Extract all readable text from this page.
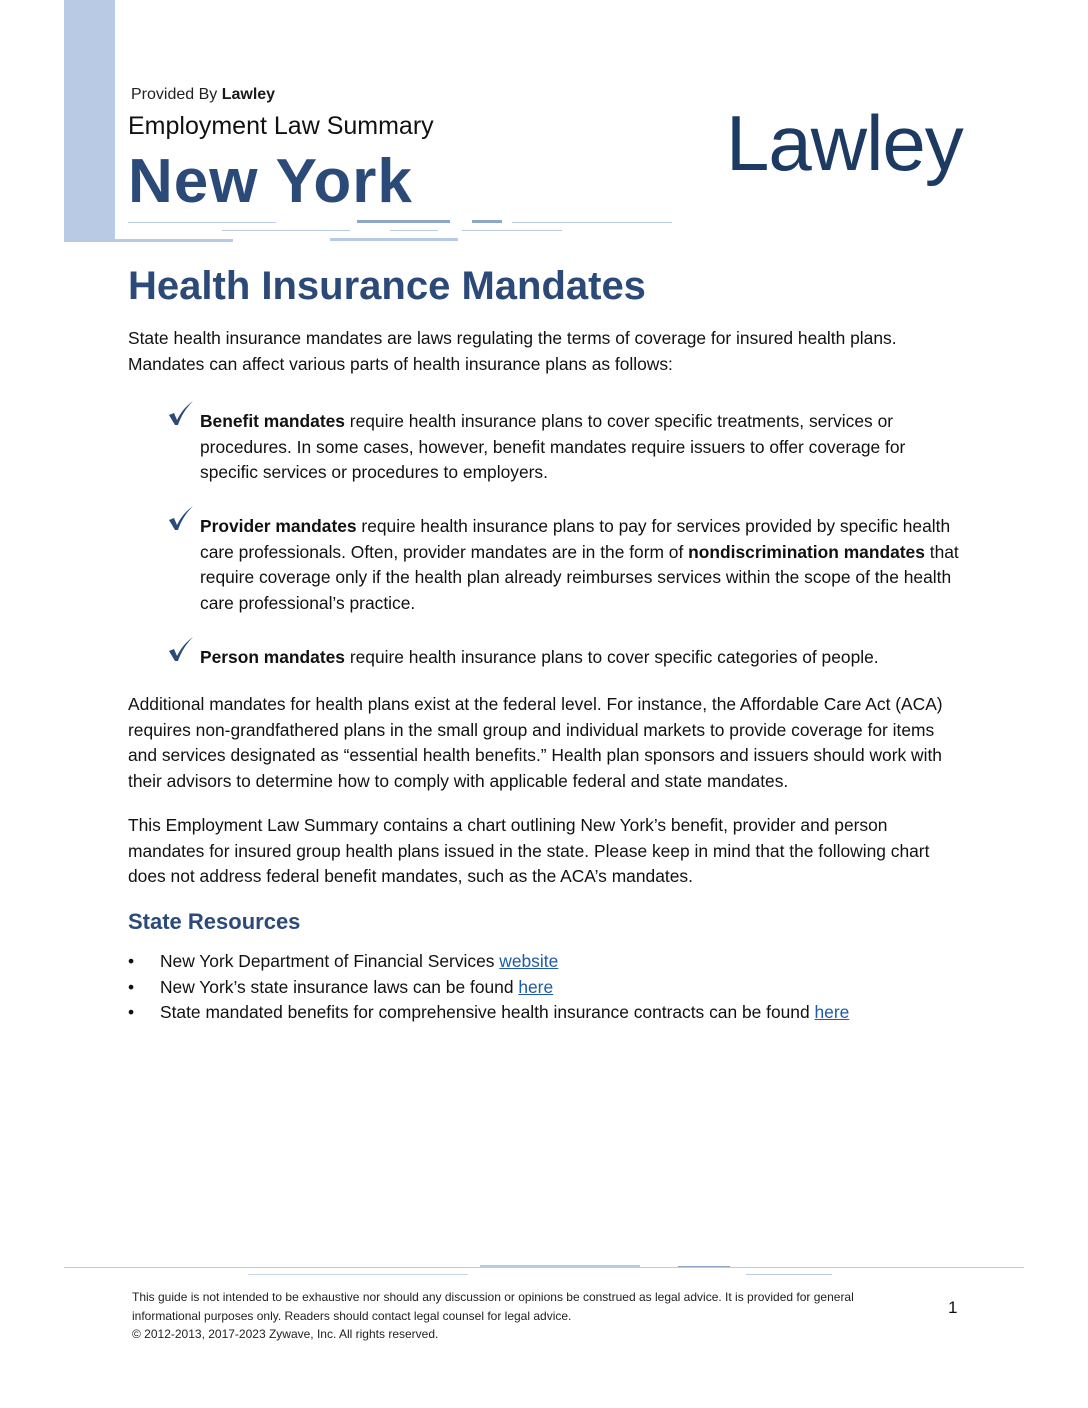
Provided By Lawley
Employment Law Summary
New York	Lawley
Health Insurance Mandates
State health insurance mandates are laws regulating the terms of coverage for insured health plans. Mandates can affect various parts of health insurance plans as follows:
Benefit mandates require health insurance plans to cover specific treatments, services or procedures. In some cases, however, benefit mandates require issuers to offer coverage for specific services or procedures to employers.
Provider mandates require health insurance plans to pay for services provided by specific health care professionals. Often, provider mandates are in the form of nondiscrimination mandates that require coverage only if the health plan already reimburses services within the scope of the health care professional’s practice.
Person mandates require health insurance plans to cover specific categories of people.
Additional mandates for health plans exist at the federal level. For instance, the Affordable Care Act (ACA) requires non-grandfathered plans in the small group and individual markets to provide coverage for items and services designated as “essential health benefits.” Health plan sponsors and issuers should work with their advisors to determine how to comply with applicable federal and state mandates.
This Employment Law Summary contains a chart outlining New York’s benefit, provider and person mandates for insured group health plans issued in the state. Please keep in mind that the following chart does not address federal benefit mandates, such as the ACA’s mandates.
State Resources
• New York Department of Financial Services website
• New York’s state insurance laws can be found here
• State mandated benefits for comprehensive health insurance contracts can be found here
This guide is not intended to be exhaustive nor should any discussion or opinions be construed as legal advice. It is provided for general informational purposes only. Readers should contact legal counsel for legal advice.
© 2012-2013, 2017-2023 Zywave, Inc. All rights reserved.
1
